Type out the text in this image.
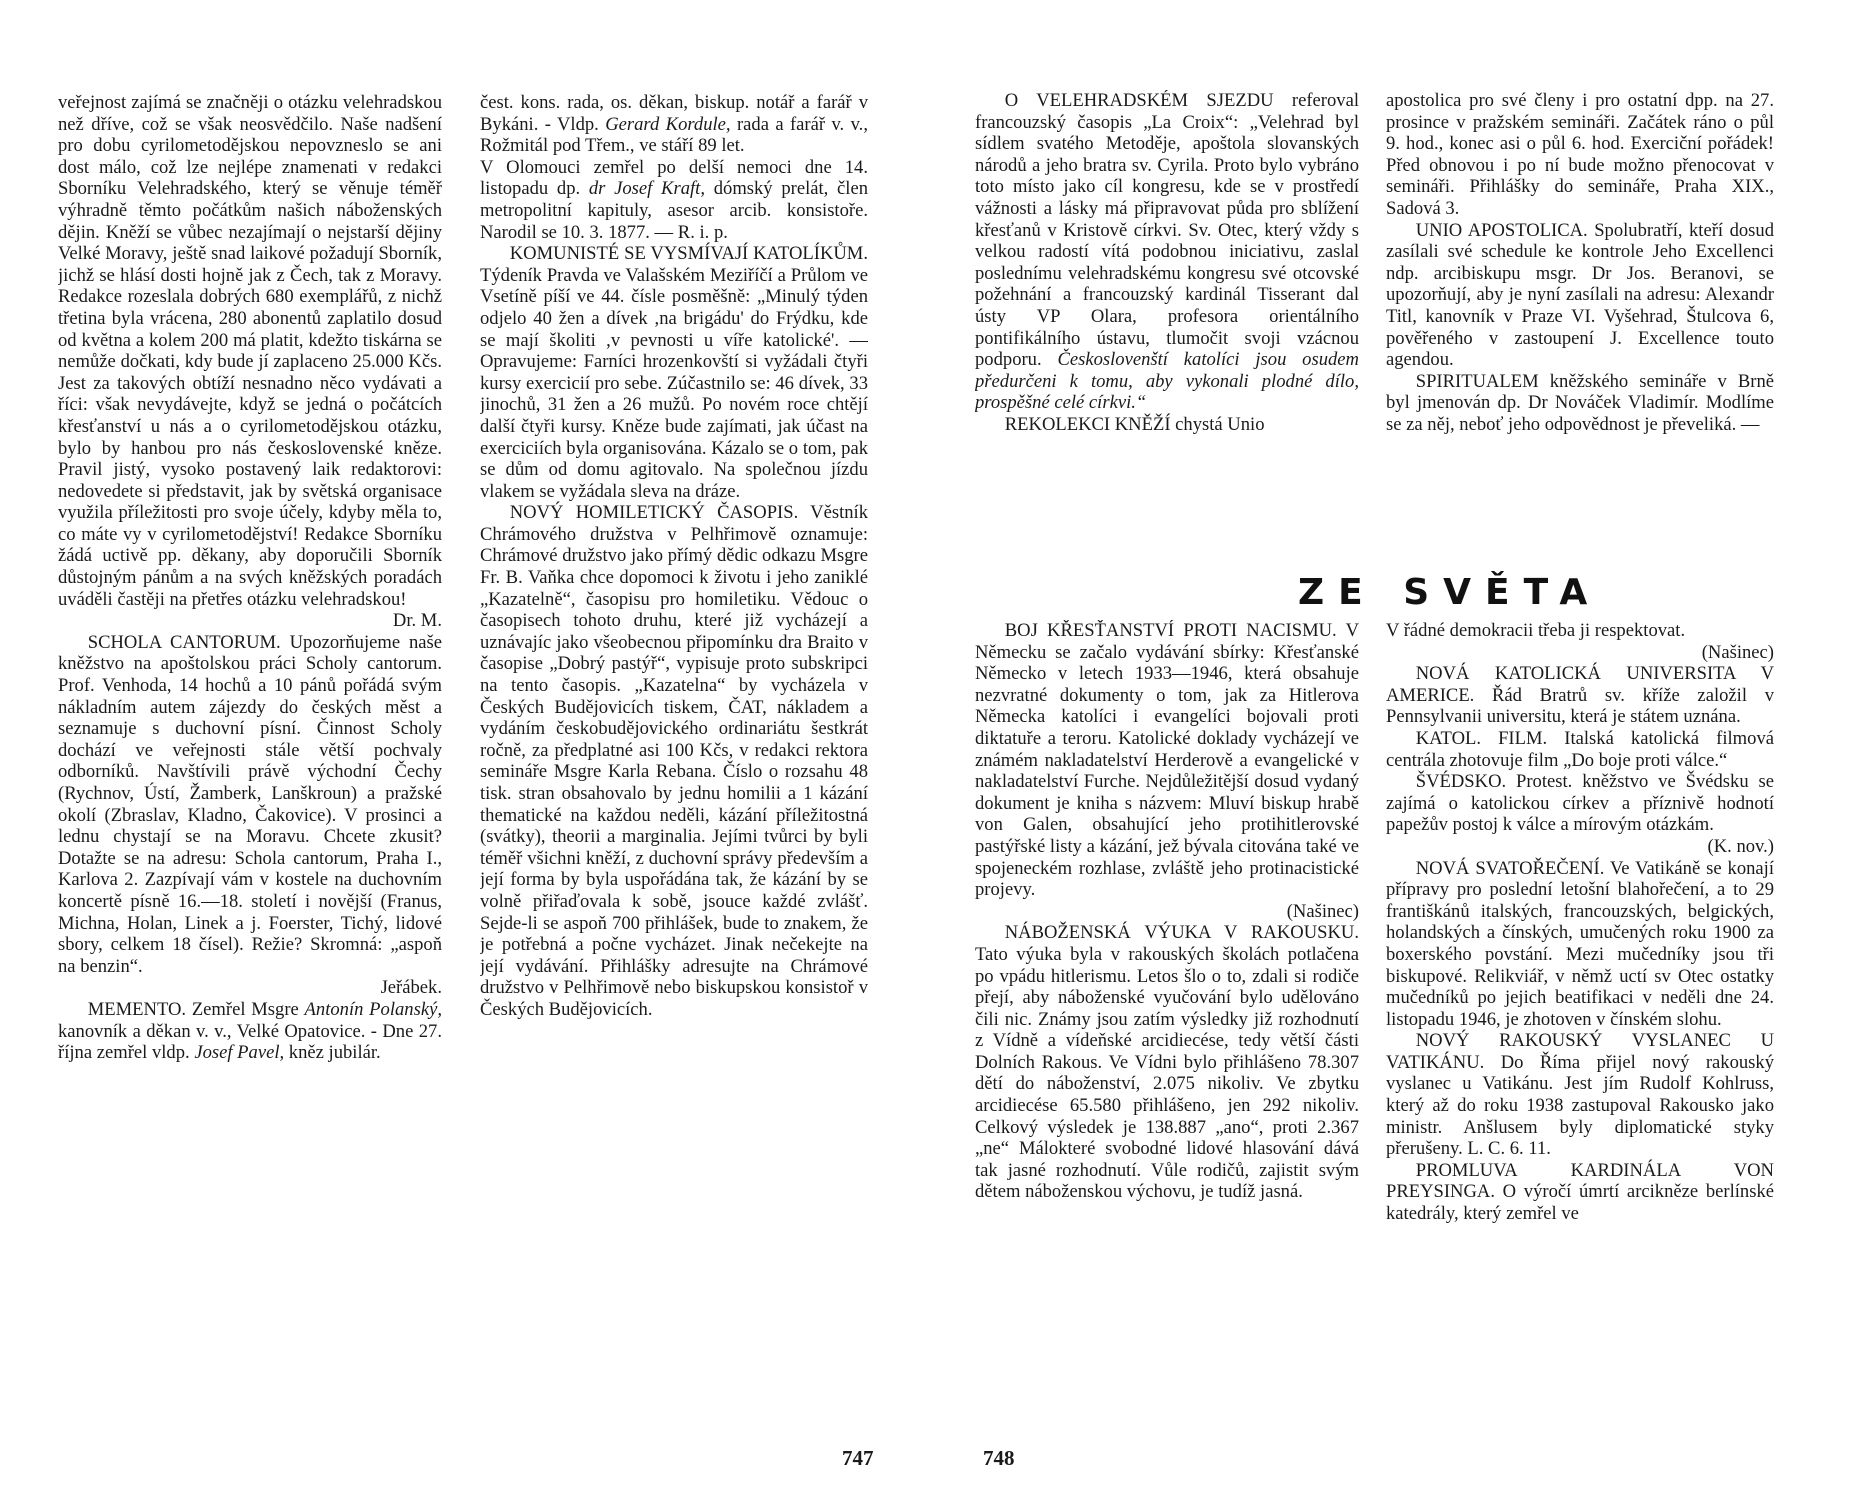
veřejnost zajímá se značněji o otázku velehradskou než dříve, což se však neosvědčilo. Naše nadšení pro dobu cyrilometodějskou nepovzneslo se ani dost málo, což lze nejlépe znamenati v redakci Sborníku Velehradského, který se věnuje téměř výhradně těmto počátkům našich náboženských dějin. Kněží se vůbec nezajímají o nejstarší dějiny Velké Moravy, ještě snad laikové požadují Sborník, jichž se hlásí dosti hojně jak z Čech, tak z Moravy. Redakce rozeslala dobrých 680 exemplářů, z nichž třetina byla vrácena, 280 abonentů zaplatilo dosud od května a kolem 200 má platit, kdežto tiskárna se nemůže dočkati, kdy bude jí zaplaceno 25.000 Kčs. Jest za takových obtíží nesnadno něco vydávati a říci: však nevydávejte, když se jedná o počátcích křesťanství u nás a o cyrilometodějskou otázku, bylo by hanbou pro nás československé kněze. Pravil jistý, vysoko postavený laik redaktorovi: nedovedete si představit, jak by světská organisace využila příležitosti pro svoje účely, kdyby měla to, co máte vy v cyrilometodějství! Redakce Sborníku žádá uctivě pp. děkany, aby doporučili Sborník důstojným pánům a na svých kněžských poradách uváděli častěji na přetřes otázku velehradskou!

Dr. M.

SCHOLA CANTORUM. Upozorňujeme naše kněžstvo na apoštolskou práci Scholy cantorum. Prof. Venhoda, 14 hochů a 10 pánů pořádá svým nákladním autem zájezdy do českých měst a seznamuje s duchovní písní. Činnost Scholy dochází ve veřejnosti stále větší pochvaly odborníků. Navštívili právě východní Čechy (Rychnov, Ústí, Žamberk, Lanškroun) a pražské okolí (Zbraslav, Kladno, Čakovice). V prosinci a lednu chystají se na Moravu. Chcete zkusit? Dotažte se na adresu: Schola cantorum, Praha I., Karlova 2. Zazpívají vám v kostele na duchovním koncertě písně 16.—18. století i novější (Franus, Michna, Holan, Linek a j. Foerster, Tichý, lidové sbory, celkem 18 čísel). Režie? Skromná: „aspoň na benzin“.

Jeřábek.

MEMENTO. Zemřel Msgre Antonín Polanský, kanovník a děkan v. v., Velké Opatovice. - Dne 27. října zemřel vldp. Josef Pavel, kněz jubilár.

čest. kons. rada, os. děkan, biskup. notář a farář v Bykáni. - Vldp. Gerard Kordule, rada a farář v. v., Rožmitál pod Třem., ve stáří 89 let.

V Olomouci zemřel po delší nemoci dne 14. listopadu dp. dr Josef Kraft, dómský prelát, člen metropolitní kapituly, asesor arcib. konsistoře. Narodil se 10. 3. 1877. — R. i. p.

KOMUNISTÉ SE VYSMÍVAJÍ KATOLÍKŮM. Týdeník Pravda ve Valašském Meziříčí a Průlom ve Vsetíně píší ve 44. čísle posměšně: „Minulý týden odjelo 40 žen a dívek ,na brigádu' do Frýdku, kde se mají školiti ,v pevnosti u víře katolické'. — Opravujeme: Farníci hrozenkovští si vyžádali čtyři kursy exercicií pro sebe. Zúčastnilo se: 46 dívek, 33 jinochů, 31 žen a 26 mužů. Po novém roce chtějí další čtyři kursy. Kněze bude zajímati, jak účast na exerciciích byla organisována. Kázalo se o tom, pak se dům od domu agitovalo. Na společnou jízdu vlakem se vyžádala sleva na dráze.

NOVÝ HOMILETICKÝ ČASOPIS. Věstník Chrámového družstva v Pelhřimově oznamuje: Chrámové družstvo jako přímý dědic odkazu Msgre Fr. B. Vaňka chce dopomoci k životu i jeho zaniklé „Kazatelně“, časopisu pro homiletiku. Vědouc o časopisech tohoto druhu, které již vycházejí a uznávajíc jako všeobecnou připomínku dra Braito v časopise „Dobrý pastýř“, vypisuje proto subskripci na tento časopis. „Kazatelna“ by vycházela v Českých Budějovicích tiskem, ČAT, nákladem a vydáním českobudějovického ordinariátu šestkrát ročně, za předplatné asi 100 Kčs, v redakci rektora semináře Msgre Karla Rebana. Číslo o rozsahu 48 tisk. stran obsahovalo by jednu homilii a 1 kázání thematické na každou neděli, kázání příležitostná (svátky), theorii a marginalia. Jejími tvůrci by byli téměř všichni kněží, z duchovní správy především a její forma by byla uspořádána tak, že kázání by se volně přiřaďovala k sobě, jsouce každé zvlášť. Sejde-li se aspoň 700 přihlášek, bude to znakem, že je potřebná a počne vycházet. Jinak nečekejte na její vydávání. Přihlášky adresujte na Chrámové družstvo v Pelhřimově nebo biskupskou konsistoř v Českých Budějovicích.

747

O VELEHRADSKÉM SJEZDU referoval francouzský časopis „La Croix“: „Velehrad byl sídlem svatého Metoděje, apoštola slovanských národů a jeho bratra sv. Cyrila. Proto bylo vybráno toto místo jako cíl kongresu, kde se v prostředí vážnosti a lásky má připravovat půda pro sblížení křesťanů v Kristově církvi. Sv. Otec, který vždy s velkou radostí vítá podobnou iniciativu, zaslal poslednímu velehradskému kongresu své otcovské požehnání a francouzský kardinál Tisserant dal ústy VP Olara, profesora orientálního pontifikálního ústavu, tlumočit svoji vzácnou podporu. Českoslovenští katolíci jsou osudem předurčeni k tomu, aby vykonali plodné dílo, prospěšné celé církvi.“

REKOLEKCI KNĚŽÍ chystá Unio

apostolica pro své členy i pro ostatní dpp. na 27. prosince v pražském semináři. Začátek ráno o půl 9. hod., konec asi o půl 6. hod. Exerciční pořádek! Před obnovou i po ní bude možno přenocovat v semináři. Přihlášky do semináře, Praha XIX., Sadová 3.

UNIO APOSTOLICA. Spolubratří, kteří dosud zasílali své schedule ke kontrole Jeho Excellenci ndp. arcibiskupu msgr. Dr Jos. Beranovi, se upozorňují, aby je nyní zasílali na adresu: Alexandr Titl, kanovník v Praze VI. Vyšehrad, Štulcova 6, pověřeného v zastoupení J. Excellence touto agendou.

SPIRITUALEM kněžského semináře v Brně byl jmenován dp. Dr Nováček Vladimír. Modlíme se za něj, neboť jeho odpovědnost je převeliká. —

ZE SVĚTA

BOJ KŘESŤANSTVÍ PROTI NACISMU. V Německu se začalo vydávání sbírky: Křesťanské Německo v letech 1933—1946, která obsahuje nezvratné dokumenty o tom, jak za Hitlerova Německa katolíci i evangelíci bojovali proti diktatuře a teroru. Katolické doklady vycházejí ve známém nakladatelství Herderově a evangelické v nakladatelství Furche. Nejdůležitější dosud vydaný dokument je kniha s názvem: Mluví biskup hrabě von Galen, obsahující jeho protihitlerovské pastýřské listy a kázání, jež bývala citována také ve spojeneckém rozhlase, zvláště jeho protinacistické projevy.

(Našinec)

NÁBOŽENSKÁ VÝUKA V RAKOUSKU. Tato výuka byla v rakouských školách potlačena po vpádu hitlerismu. Letos šlo o to, zdali si rodiče přejí, aby náboženské vyučování bylo udělováno čili nic. Známy jsou zatím výsledky již rozhodnutí z Vídně a vídeňské arcidiecése, tedy větší části Dolních Rakous. Ve Vídni bylo přihlášeno 78.307 dětí do náboženství, 2.075 nikoliv. Ve zbytku arcidiecése 65.580 přihlášeno, jen 292 nikoliv. Celkový výsledek je 138.887 „ano“, proti 2.367 „ne“ Málokteré svobodné lidové hlasování dává tak jasné rozhodnutí. Vůle rodičů, zajistit svým dětem náboženskou výchovu, je tudíž jasná.

V řádné demokracii třeba ji respektovat.

(Našinec)

NOVÁ KATOLICKÁ UNIVERSITA V AMERICE. Řád Bratrů sv. kříže založil v Pennsylvanii universitu, která je státem uznána.

KATOL. FILM. Italská katolická filmová centrála zhotovuje film „Do boje proti válce.“

ŠVÉDSKO. Protest. kněžstvo ve Švédsku se zajímá o katolickou církev a příznivě hodnotí papežův postoj k válce a mírovým otázkám.

(K. nov.)

NOVÁ SVATOŘEČENÍ. Ve Vatikáně se konají přípravy pro poslední letošní blahořečení, a to 29 františkánů italských, francouzských, belgických, holandských a čínských, umučených roku 1900 za boxerského povstání. Mezi mučedníky jsou tři biskupové. Relikviář, v němž uctí sv Otec ostatky mučedníků po jejich beatifikaci v neděli dne 24. listopadu 1946, je zhotoven v čínském slohu.

NOVÝ RAKOUSKÝ VYSLANEC U VATIKÁNU. Do Říma přijel nový rakouský vyslanec u Vatikánu. Jest jím Rudolf Kohlruss, který až do roku 1938 zastupoval Rakousko jako ministr. Anšlusem byly diplomatické styky přerušeny. L. C. 6. 11.

PROMLUVA KARDINÁLA VON PREYSINGA. O výročí úmrtí arcikněze berlínské katedrály, který zemřel ve

748
